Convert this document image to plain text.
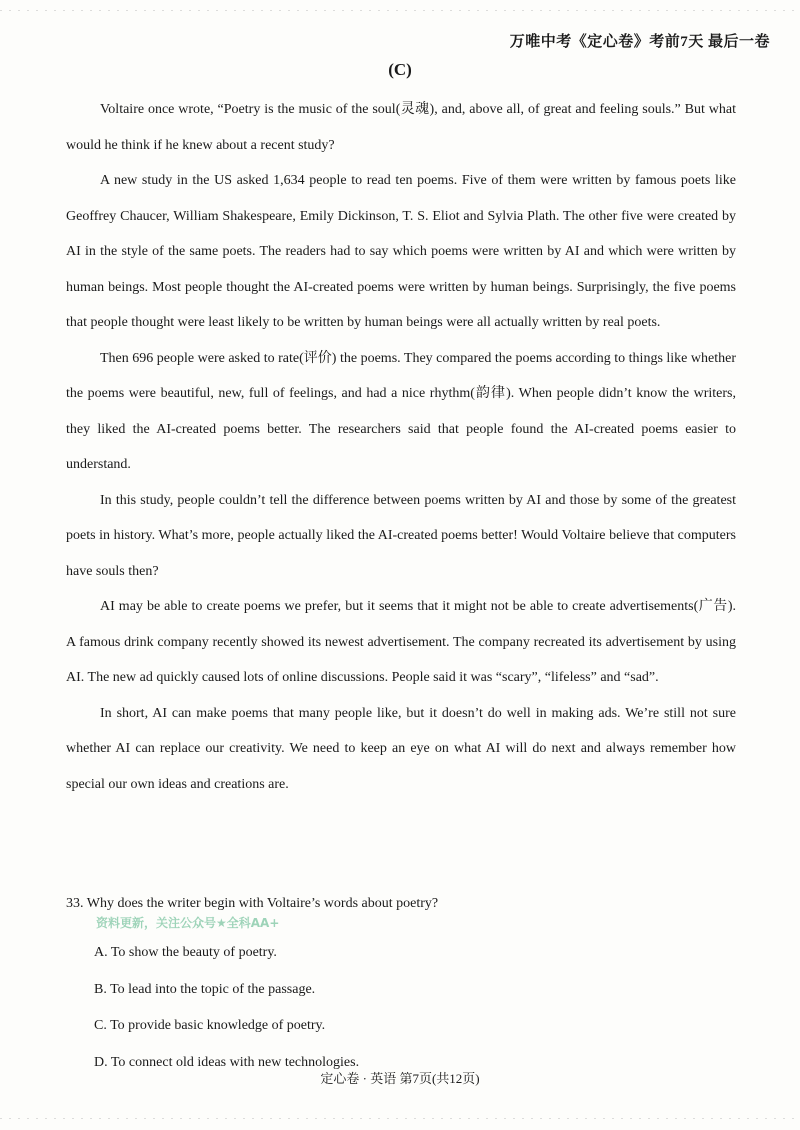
万唯中考《定心卷》考前7天 最后一卷
(C)

Voltaire once wrote, “Poetry is the music of the soul(灵魂), and, above all, of great and feeling souls.” But what would he think if he knew about a recent study?

A new study in the US asked 1,634 people to read ten poems. Five of them were written by famous poets like Geoffrey Chaucer, William Shakespeare, Emily Dickinson, T. S. Eliot and Sylvia Plath. The other five were created by AI in the style of the same poets. The readers had to say which poems were written by AI and which were written by human beings. Most people thought the AI-created poems were written by human beings. Surprisingly, the five poems that people thought were least likely to be written by human beings were all actually written by real poets.

Then 696 people were asked to rate(评价) the poems. They compared the poems according to things like whether the poems were beautiful, new, full of feelings, and had a nice rhythm(韵律). When people didn’t know the writers, they liked the AI-created poems better. The researchers said that people found the AI-created poems easier to understand.

In this study, people couldn’t tell the difference between poems written by AI and those by some of the greatest poets in history. What’s more, people actually liked the AI-created poems better! Would Voltaire believe that computers have souls then?

AI may be able to create poems we prefer, but it seems that it might not be able to create advertisements(广告). A famous drink company recently showed its newest advertisement. The company recreated its advertisement by using AI. The new ad quickly caused lots of online discussions. People said it was “scary”, “lifeless” and “sad”.

In short, AI can make poems that many people like, but it doesn’t do well in making ads. We’re still not sure whether AI can replace our creativity. We need to keep an eye on what AI will do next and always remember how special our own ideas and creations are.

33. Why does the writer begin with Voltaire’s words about poetry?

资料更新，关注公众号★全科AA+

A. To show the beauty of poetry.
B. To lead into the topic of the passage.
C. To provide basic knowledge of poetry.
D. To connect old ideas with new technologies.
定心卷 · 英语 第7页(共12页)
